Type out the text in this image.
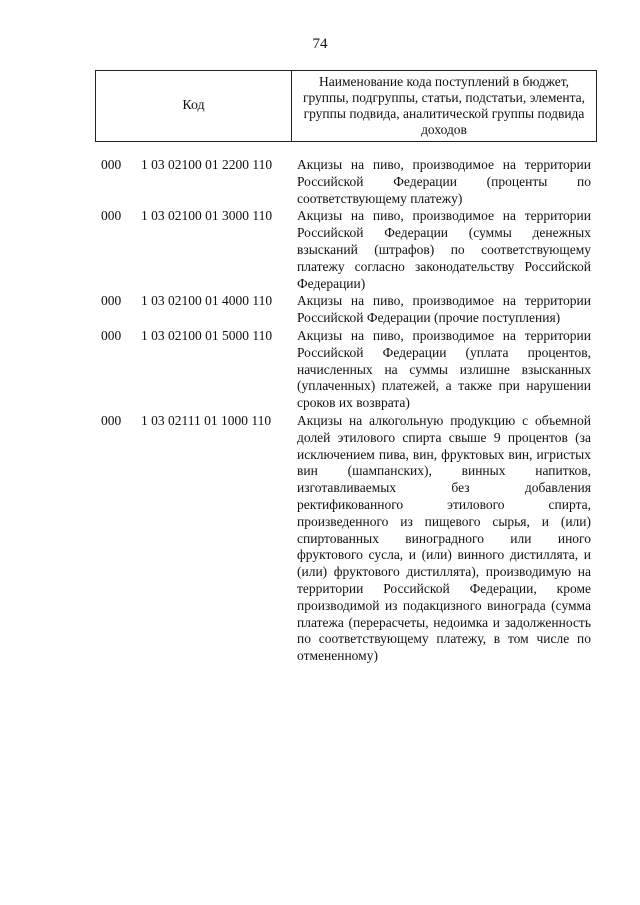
74
Код
Наименование кода поступлений в бюджет, группы, подгруппы, статьи, подстатьи, элемента, группы подвида, аналитической группы подвида доходов
000	1 03 02100 01 2200 110	Акцизы на пиво, производимое на территории Российской Федерации (проценты по соответствующему платежу)
000	1 03 02100 01 3000 110	Акцизы на пиво, производимое на территории Российской Федерации (суммы денежных взысканий (штрафов) по соответствующему платежу согласно законодательству Российской Федерации)
000	1 03 02100 01 4000 110	Акцизы на пиво, производимое на территории Российской Федерации (прочие поступления)
000	1 03 02100 01 5000 110	Акцизы на пиво, производимое на территории Российской Федерации (уплата процентов, начисленных на суммы излишне взысканных (уплаченных) платежей, а также при нарушении сроков их возврата)
000	1 03 02111 01 1000 110	Акцизы на алкогольную продукцию с объемной долей этилового спирта свыше 9 процентов (за исключением пива, вин, фруктовых вин, игристых вин (шампанских), винных напитков, изготавливаемых без добавления ректификованного этилового спирта, произведенного из пищевого сырья, и (или) спиртованных виноградного или иного фруктового сусла, и (или) винного дистиллята, и (или) фруктового дистиллята), производимую на территории Российской Федерации, кроме производимой из подакцизного винограда (сумма платежа (перерасчеты, недоимка и задолженность по соответствующему платежу, в том числе по отмененному)
